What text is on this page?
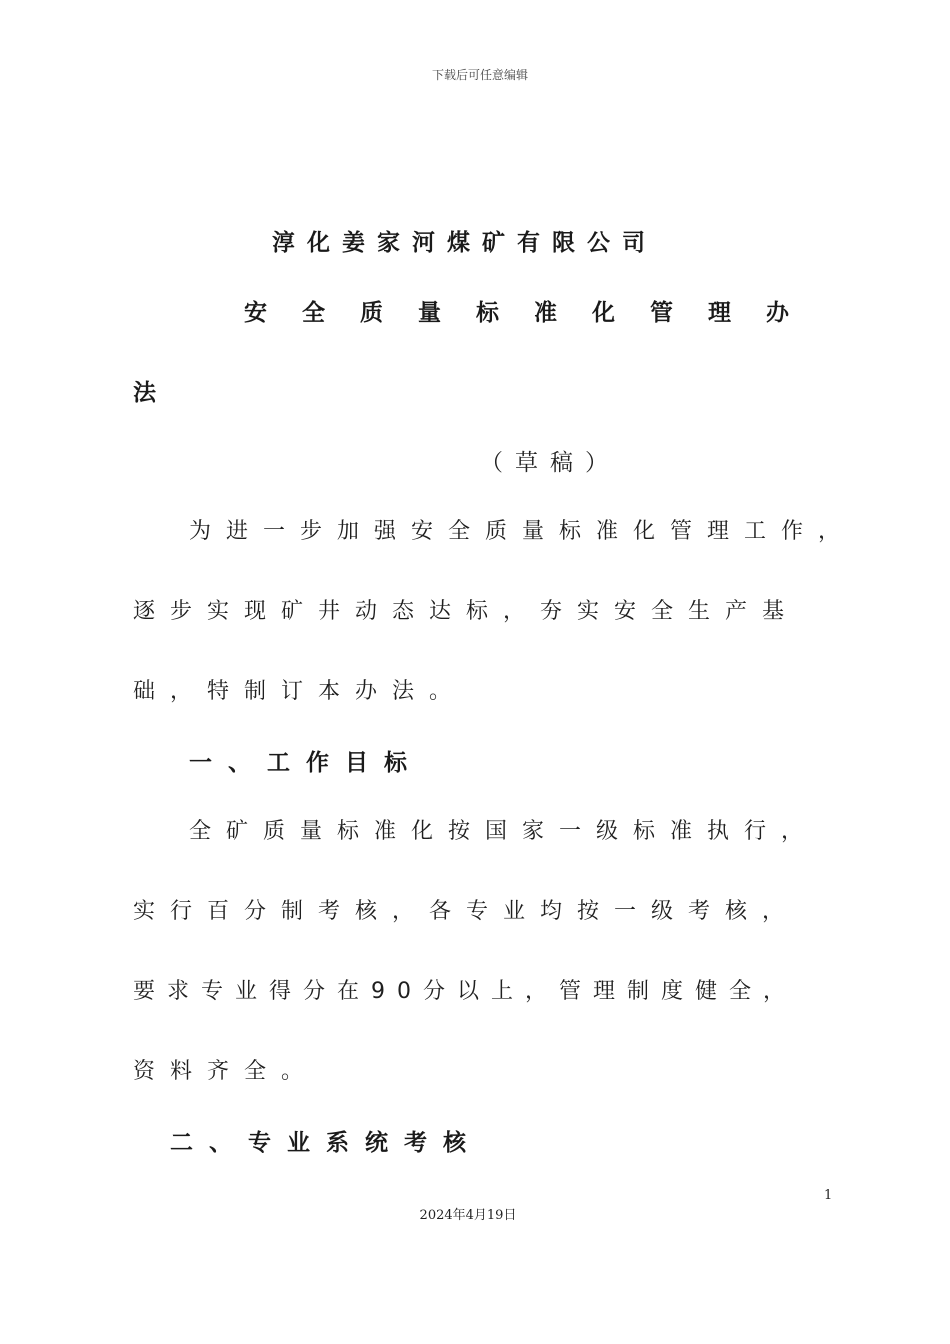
下载后可任意编辑
淳化姜家河煤矿有限公司
安全质量标准化管理办
法
（草稿）
为进一步加强安全质量标准化管理工作，
逐步实现矿井动态达标，夯实安全生产基
础，特制订本办法。
一、工作目标
全矿质量标准化按国家一级标准执行，
实行百分制考核，各专业均按一级考核，
要求专业得分在90分以上，管理制度健全，
资料齐全。
二、专业系统考核
1
2024年4月19日
